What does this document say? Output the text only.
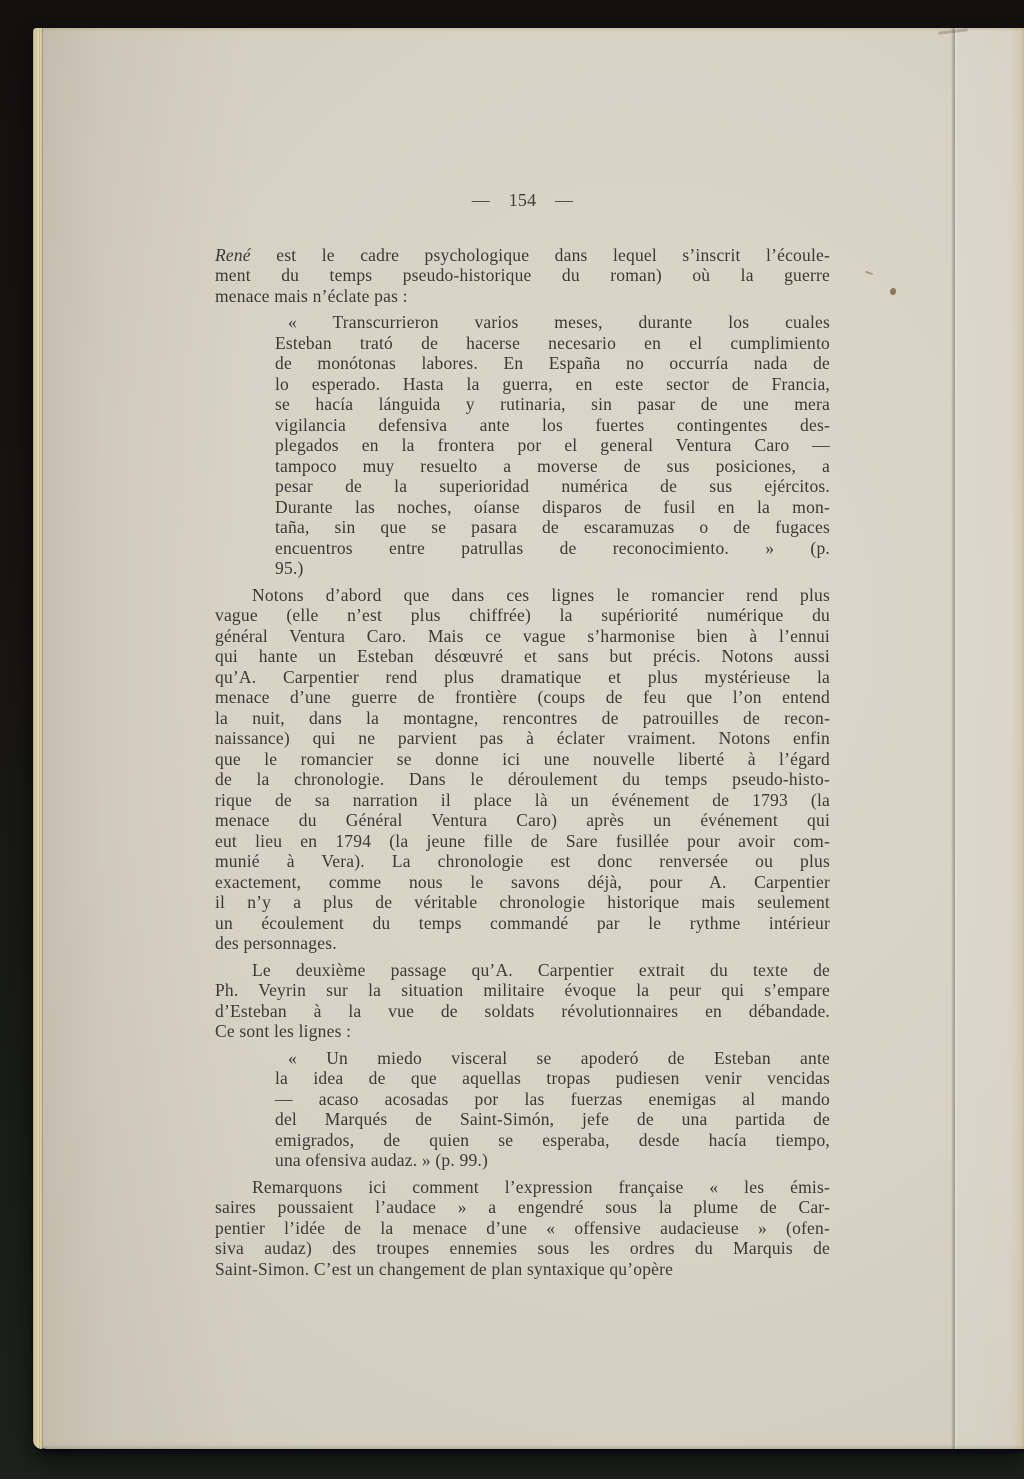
— 154 —
René est le cadre psychologique dans lequel s’inscrit l’écoule-
ment du temps pseudo-historique du roman) où la guerre
menace mais n’éclate pas :
« Transcurrieron varios meses, durante los cuales
Esteban trató de hacerse necesario en el cumplimiento
de monótonas labores. En España no occurría nada de
lo esperado. Hasta la guerra, en este sector de Francia,
se hacía lánguida y rutinaria, sin pasar de une mera
vigilancia defensiva ante los fuertes contingentes des-
plegados en la frontera por el general Ventura Caro —
tampoco muy resuelto a moverse de sus posiciones, a
pesar de la superioridad numérica de sus ejércitos.
Durante las noches, oíanse disparos de fusil en la mon-
taña, sin que se pasara de escaramuzas o de fugaces
encuentros entre patrullas de reconocimiento. » (p.
95.)
Notons d’abord que dans ces lignes le romancier rend plus
vague (elle n’est plus chiffrée) la supériorité numérique du
général Ventura Caro. Mais ce vague s’harmonise bien à l’ennui
qui hante un Esteban désœuvré et sans but précis. Notons aussi
qu’A. Carpentier rend plus dramatique et plus mystérieuse la
menace d’une guerre de frontière (coups de feu que l’on entend
la nuit, dans la montagne, rencontres de patrouilles de recon-
naissance) qui ne parvient pas à éclater vraiment. Notons enfin
que le romancier se donne ici une nouvelle liberté à l’égard
de la chronologie. Dans le déroulement du temps pseudo-histo-
rique de sa narration il place là un événement de 1793 (la
menace du Général Ventura Caro) après un événement qui
eut lieu en 1794 (la jeune fille de Sare fusillée pour avoir com-
munié à Vera). La chronologie est donc renversée ou plus
exactement, comme nous le savons déjà, pour A. Carpentier
il n’y a plus de véritable chronologie historique mais seulement
un écoulement du temps commandé par le rythme intérieur
des personnages.
Le deuxième passage qu’A. Carpentier extrait du texte de
Ph. Veyrin sur la situation militaire évoque la peur qui s’empare
d’Esteban à la vue de soldats révolutionnaires en débandade.
Ce sont les lignes :
« Un miedo visceral se apoderó de Esteban ante
la idea de que aquellas tropas pudiesen venir vencidas
— acaso acosadas por las fuerzas enemigas al mando
del Marqués de Saint-Simón, jefe de una partida de
emigrados, de quien se esperaba, desde hacía tiempo,
una ofensiva audaz. » (p. 99.)
Remarquons ici comment l’expression française « les émis-
saires poussaient l’audace » a engendré sous la plume de Car-
pentier l’idée de la menace d’une « offensive audacieuse » (ofen-
siva audaz) des troupes ennemies sous les ordres du Marquis de
Saint-Simon. C’est un changement de plan syntaxique qu’opère
